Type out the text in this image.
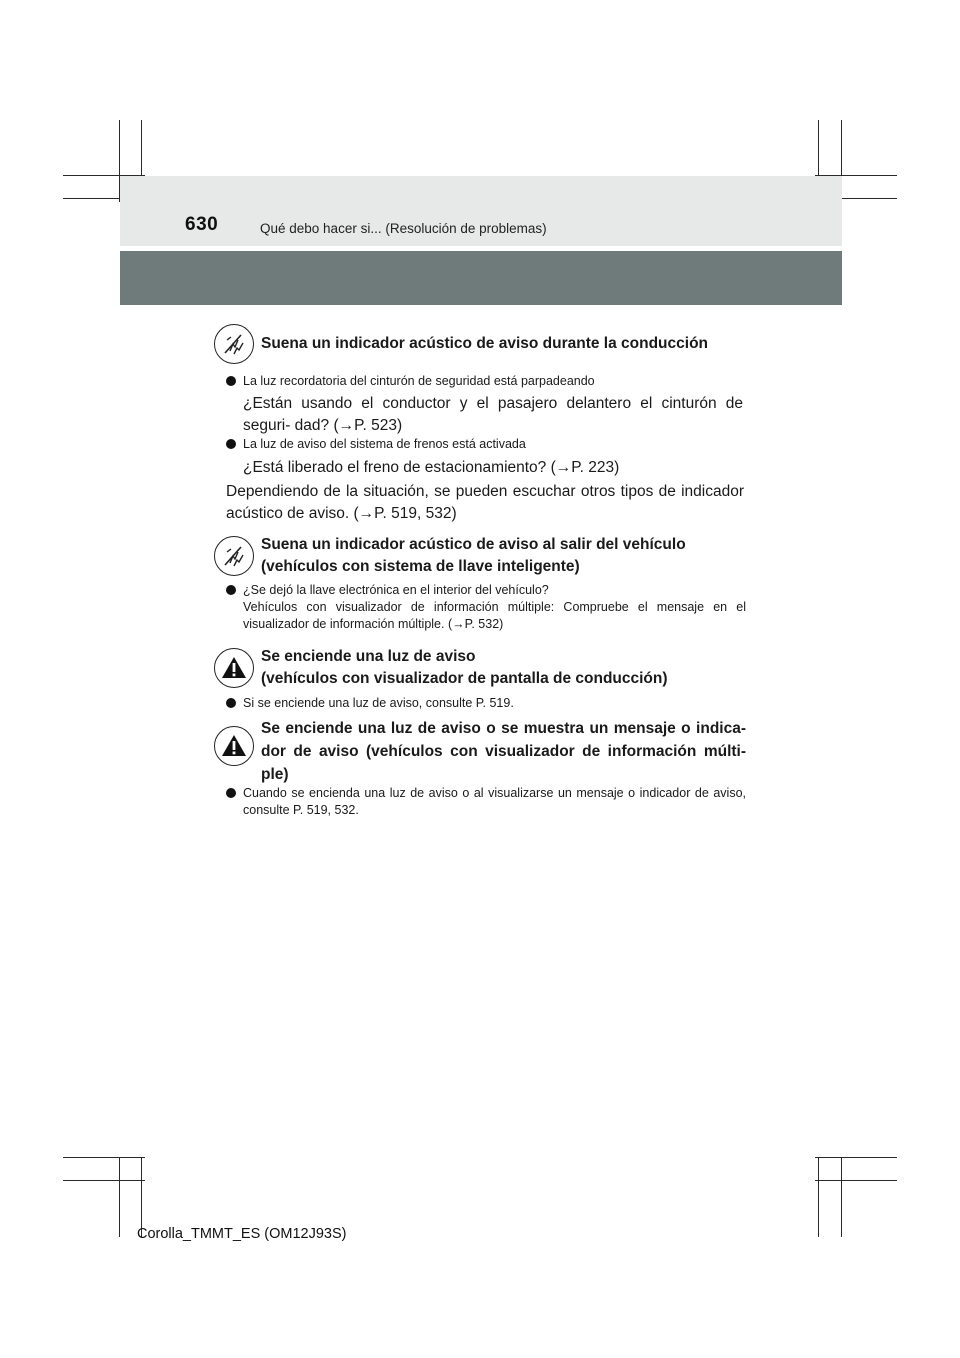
630	Qué debo hacer si... (Resolución de problemas)
Suena un indicador acústico de aviso durante la conducción
La luz recordatoria del cinturón de seguridad está parpadeando
¿Están usando el conductor y el pasajero delantero el cinturón de seguri- dad? (→P. 523)
La luz de aviso del sistema de frenos está activada
¿Está liberado el freno de estacionamiento? (→P. 223)
Dependiendo de la situación, se pueden escuchar otros tipos de indicador acústico de aviso. (→P. 519, 532)
Suena un indicador acústico de aviso al salir del vehículo
(vehículos con sistema de llave inteligente)
¿Se dejó la llave electrónica en el interior del vehículo?
Vehículos con visualizador de información múltiple: Compruebe el mensaje en el visualizador de información múltiple. (→P. 532)
Se enciende una luz de aviso
(vehículos con visualizador de pantalla de conducción)
Si se enciende una luz de aviso, consulte P. 519.
Se enciende una luz de aviso o se muestra un mensaje o indica- dor de aviso (vehículos con visualizador de información múlti- ple)
Cuando se encienda una luz de aviso o al visualizarse un mensaje o indicador de aviso, consulte P. 519, 532.
Corolla_TMMT_ES (OM12J93S)
